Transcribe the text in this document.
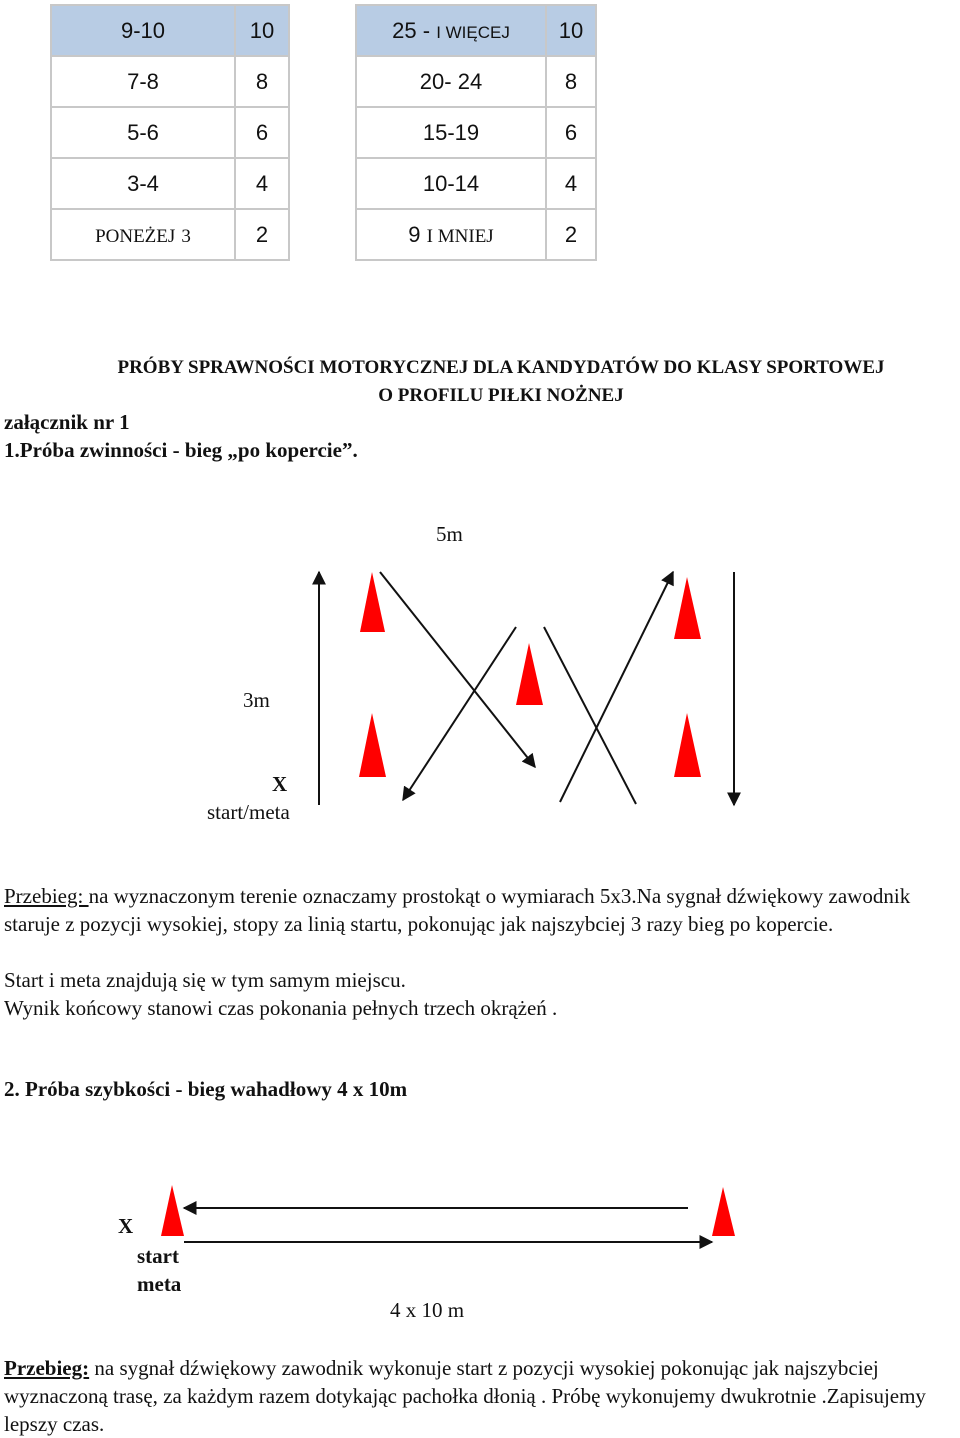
9-10	10
7-8	8
5-6	6
3-4	4
PONEŻEJ 3	2
25 - I WIĘCEJ	10
20- 24	8
15-19	6
10-14	4
9 I MNIEJ	2
PRÓBY SPRAWNOŚCI MOTORYCZNEJ DLA KANDYDATÓW DO KLASY SPORTOWEJ
O PROFILU PIŁKI NOŻNEJ
załącznik nr 1
1.Próba zwinności - bieg „po kopercie”.
5m
3m
X
start/meta
Przebieg: na wyznaczonym terenie oznaczamy prostokąt o wymiarach 5x3.Na sygnał dźwiękowy zawodnik staruje z pozycji wysokiej, stopy za linią startu, pokonując jak najszybciej 3 razy bieg po kopercie.
Start i meta znajdują się w tym samym miejscu.
Wynik końcowy stanowi czas pokonania pełnych trzech okrążeń .
2. Próba szybkości - bieg wahadłowy 4 x 10m
X
start
meta
4 x 10 m
Przebieg: na sygnał dźwiękowy zawodnik wykonuje start z pozycji wysokiej pokonując jak najszybciej wyznaczoną trasę, za każdym razem dotykając pachołka dłonią . Próbę wykonujemy dwukrotnie .Zapisujemy lepszy czas.
